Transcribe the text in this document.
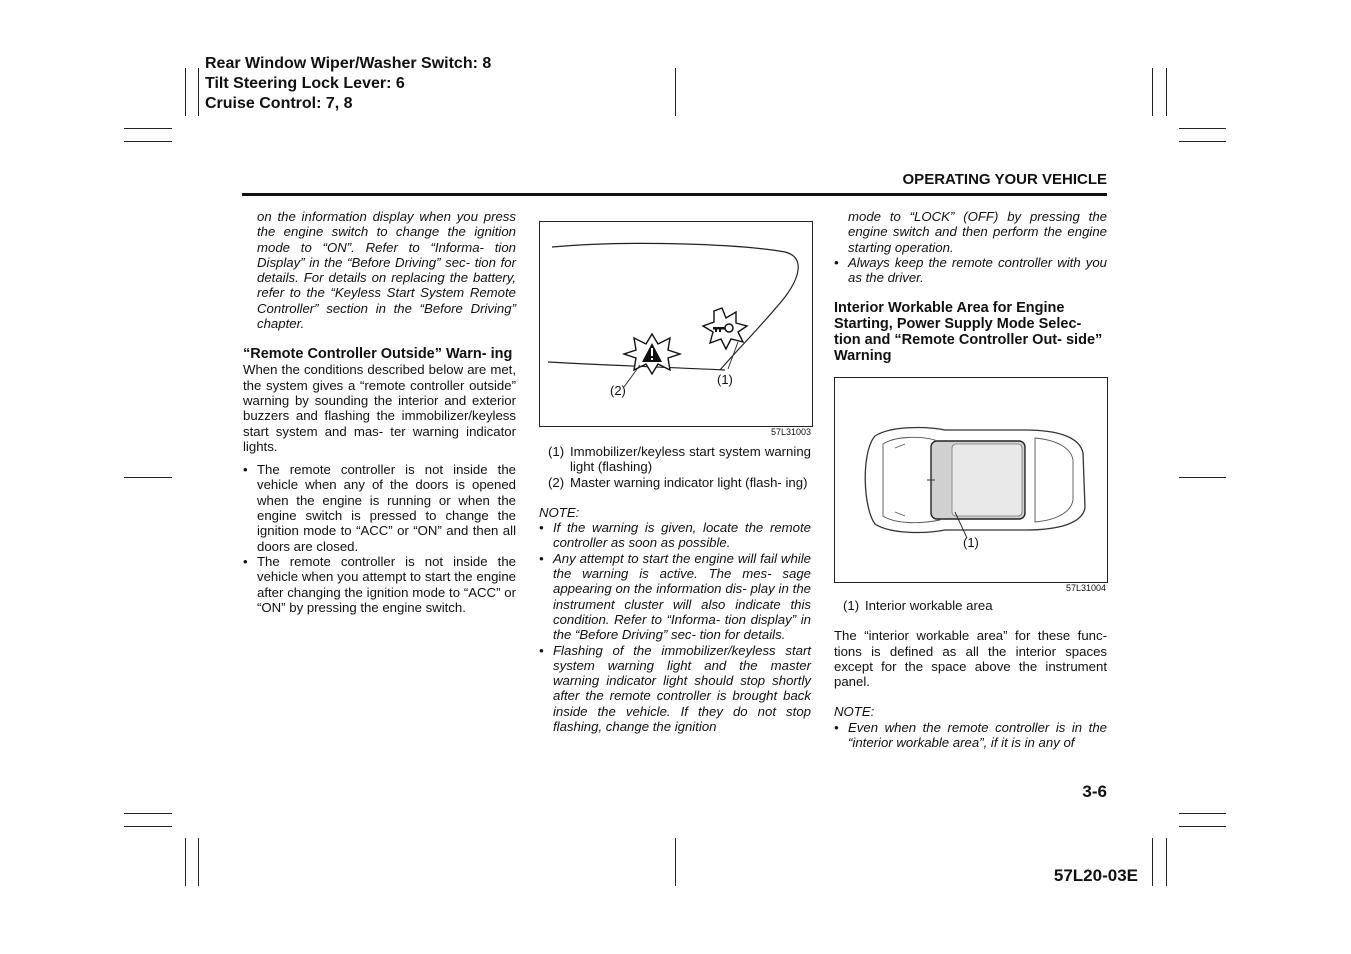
Rear Window Wiper/Washer Switch: 8
Tilt Steering Lock Lever: 6
Cruise Control: 7, 8
OPERATING YOUR VEHICLE
on the information display when you press the engine switch to change the ignition mode to “ON”. Refer to “Informa- tion Display” in the “Before Driving” sec- tion for details. For details on replacing the battery, refer to the “Keyless Start System Remote Controller” section in the “Before Driving” chapter.
“Remote Controller Outside” Warn- ing
When the conditions described below are met, the system gives a “remote controller outside” warning by sounding the interior and exterior buzzers and flashing the immobilizer/keyless start system and mas- ter warning indicator lights.
• The remote controller is not inside the vehicle when any of the doors is opened when the engine is running or when the engine switch is pressed to change the ignition mode to “ACC” or “ON” and then all doors are closed.
• The remote controller is not inside the vehicle when you attempt to start the engine after changing the ignition mode to “ACC” or “ON” by pressing the engine switch.
(2)
(1)
57L31003
(1) Immobilizer/keyless start system warning light (flashing)
(2) Master warning indicator light (flash- ing)
NOTE:
• If the warning is given, locate the remote controller as soon as possible.
• Any attempt to start the engine will fail while the warning is active. The mes- sage appearing on the information dis- play in the instrument cluster will also indicate this condition. Refer to “Informa- tion display” in the “Before Driving” sec- tion for details.
• Flashing of the immobilizer/keyless start system warning light and the master warning indicator light should stop shortly after the remote controller is brought back inside the vehicle. If they do not stop flashing, change the ignition
mode to “LOCK” (OFF) by pressing the engine switch and then perform the engine starting operation.
• Always keep the remote controller with you as the driver.
Interior Workable Area for Engine Starting, Power Supply Mode Selec- tion and “Remote Controller Out- side” Warning
(1)
57L31004
(1) Interior workable area
The “interior workable area” for these func- tions is defined as all the interior spaces except for the space above the instrument panel.
NOTE:
• Even when the remote controller is in the “interior workable area”, if it is in any of
3-6
57L20-03E
